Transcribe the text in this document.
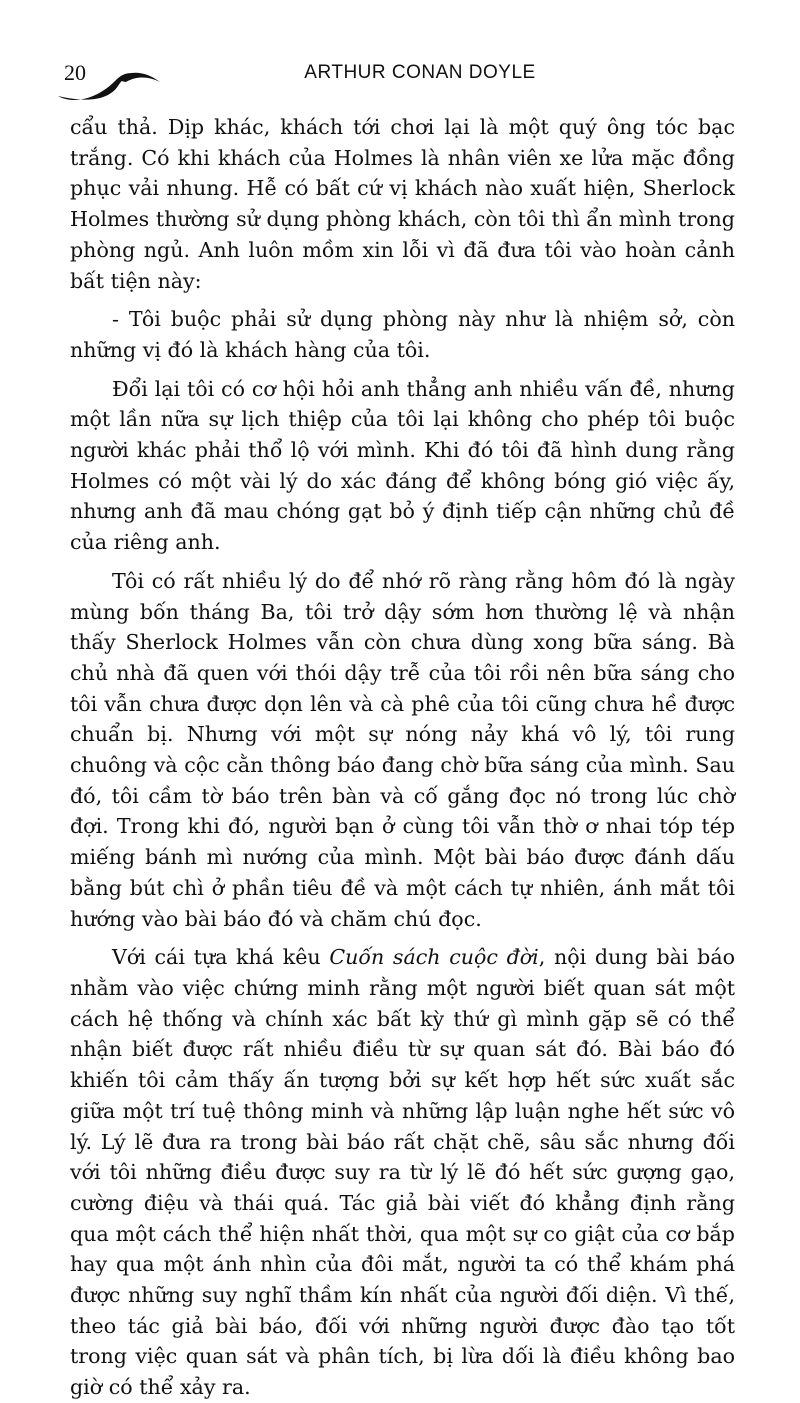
20	ARTHUR CONAN DOYLE

cẩu thả. Dịp khác, khách tới chơi lại là một quý ông tóc bạc trắng. Có khi khách của Holmes là nhân viên xe lửa mặc đồng phục vải nhung. Hễ có bất cứ vị khách nào xuất hiện, Sherlock Holmes thường sử dụng phòng khách, còn tôi thì ẩn mình trong phòng ngủ. Anh luôn mồm xin lỗi vì đã đưa tôi vào hoàn cảnh bất tiện này:

- Tôi buộc phải sử dụng phòng này như là nhiệm sở, còn những vị đó là khách hàng của tôi.

Đổi lại tôi có cơ hội hỏi anh thẳng anh nhiều vấn đề, nhưng một lần nữa sự lịch thiệp của tôi lại không cho phép tôi buộc người khác phải thổ lộ với mình. Khi đó tôi đã hình dung rằng Holmes có một vài lý do xác đáng để không bóng gió việc ấy, nhưng anh đã mau chóng gạt bỏ ý định tiếp cận những chủ đề của riêng anh.

Tôi có rất nhiều lý do để nhớ rõ ràng rằng hôm đó là ngày mùng bốn tháng Ba, tôi trở dậy sớm hơn thường lệ và nhận thấy Sherlock Holmes vẫn còn chưa dùng xong bữa sáng. Bà chủ nhà đã quen với thói dậy trễ của tôi rồi nên bữa sáng cho tôi vẫn chưa được dọn lên và cà phê của tôi cũng chưa hề được chuẩn bị. Nhưng với một sự nóng nảy khá vô lý, tôi rung chuông và cộc cằn thông báo đang chờ bữa sáng của mình. Sau đó, tôi cầm tờ báo trên bàn và cố gắng đọc nó trong lúc chờ đợi. Trong khi đó, người bạn ở cùng tôi vẫn thờ ơ nhai tóp tép miếng bánh mì nướng của mình. Một bài báo được đánh dấu bằng bút chì ở phần tiêu đề và một cách tự nhiên, ánh mắt tôi hướng vào bài báo đó và chăm chú đọc.

Với cái tựa khá kêu Cuốn sách cuộc đời, nội dung bài báo nhằm vào việc chứng minh rằng một người biết quan sát một cách hệ thống và chính xác bất kỳ thứ gì mình gặp sẽ có thể nhận biết được rất nhiều điều từ sự quan sát đó. Bài báo đó khiến tôi cảm thấy ấn tượng bởi sự kết hợp hết sức xuất sắc giữa một trí tuệ thông minh và những lập luận nghe hết sức vô lý. Lý lẽ đưa ra trong bài báo rất chặt chẽ, sâu sắc nhưng đối với tôi những điều được suy ra từ lý lẽ đó hết sức gượng gạo, cường điệu và thái quá. Tác giả bài viết đó khẳng định rằng qua một cách thể hiện nhất thời, qua một sự co giật của cơ bắp hay qua một ánh nhìn của đôi mắt, người ta có thể khám phá được những suy nghĩ thầm kín nhất của người đối diện. Vì thế, theo tác giả bài báo, đối với những người được đào tạo tốt trong việc quan sát và phân tích, bị lừa dối là điều không bao giờ có thể xảy ra.
